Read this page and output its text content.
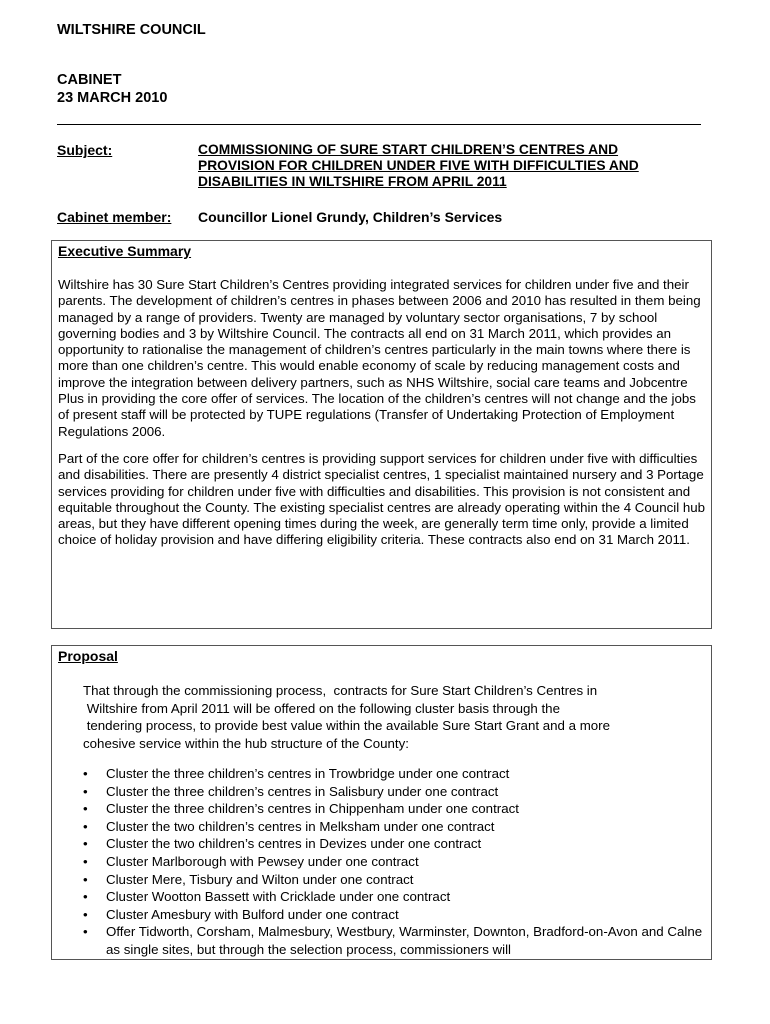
WILTSHIRE COUNCIL
CABINET
23 MARCH 2010
Subject:	COMMISSIONING OF SURE START CHILDREN’S CENTRES AND
PROVISION FOR CHILDREN UNDER FIVE WITH DIFFICULTIES AND
DISABILITIES IN WILTSHIRE FROM APRIL 2011
Cabinet member: Councillor Lionel Grundy, Children’s Services
Executive Summary
Wiltshire has 30 Sure Start Children’s Centres providing integrated services for children under five and their parents. The development of children’s centres in phases between 2006 and 2010 has resulted in them being managed by a range of providers. Twenty are managed by voluntary sector organisations, 7 by school governing bodies and 3 by Wiltshire Council. The contracts all end on 31 March 2011, which provides an opportunity to rationalise the management of children’s centres particularly in the main towns where there is more than one children’s centre. This would enable economy of scale by reducing management costs and improve the integration between delivery partners, such as NHS Wiltshire, social care teams and Jobcentre Plus in providing the core offer of services. The location of the children’s centres will not change and the jobs of present staff will be protected by TUPE regulations (Transfer of Undertaking Protection of Employment Regulations 2006.
Part of the core offer for children’s centres is providing support services for children under five with difficulties and disabilities. There are presently 4 district specialist centres, 1 specialist maintained nursery and 3 Portage services providing for children under five with difficulties and disabilities. This provision is not consistent and equitable throughout the County. The existing specialist centres are already operating within the 4 Council hub areas, but they have different opening times during the week, are generally term time only, provide a limited choice of holiday provision and have differing eligibility criteria. These contracts also end on 31 March 2011.
Proposal
That through the commissioning process,  contracts for Sure Start Children’s Centres in
Wiltshire from April 2011 will be offered on the following cluster basis through the
tendering process, to provide best value within the available Sure Start Grant and a more
cohesive service within the hub structure of the County:
• Cluster the three children’s centres in Trowbridge under one contract
• Cluster the three children’s centres in Salisbury under one contract
• Cluster the three children’s centres in Chippenham under one contract
• Cluster the two children’s centres in Melksham under one contract
• Cluster the two children’s centres in Devizes under one contract
• Cluster Marlborough with Pewsey under one contract
• Cluster Mere, Tisbury and Wilton under one contract
• Cluster Wootton Bassett with Cricklade under one contract
• Cluster Amesbury with Bulford under one contract
• Offer Tidworth, Corsham, Malmesbury, Westbury, Warminster, Downton, Bradford-on-Avon and Calne as single sites, but through the selection process, commissioners will
